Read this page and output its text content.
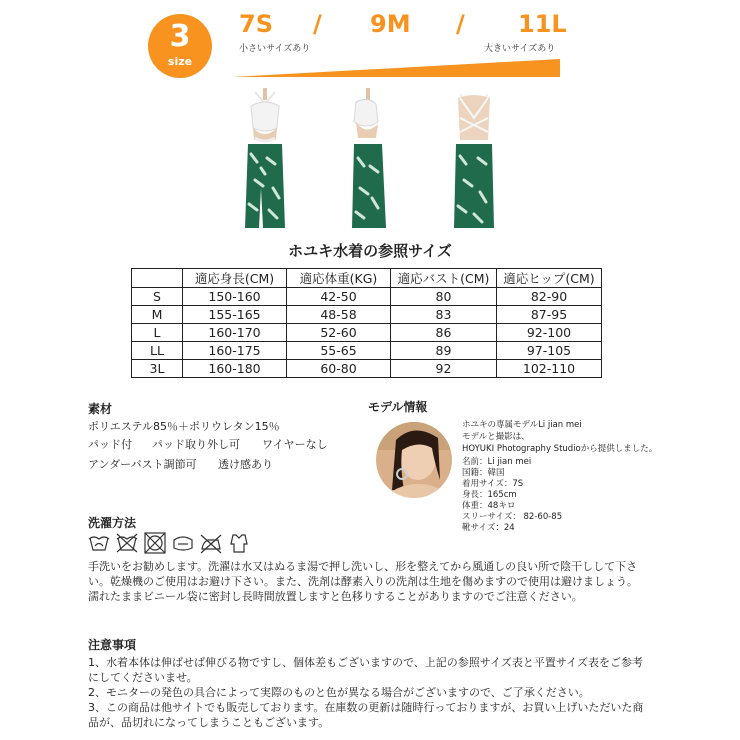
3
size
7S / 9M / 11L
小さいサイズあり	大きいサイズあり
ホユキ水着の参照サイズ
	適応身長(CM)	適応体重(KG)	適応バスト(CM)	適応ヒップ(CM)
S	150-160	42-50	80	82-90
M	155-165	48-58	83	87-95
L	160-170	52-60	86	92-100
LL	160-175	55-65	89	97-105
3L	160-180	60-80	92	102-110
素材
ポリエステル85％＋ポリウレタン15％
パッド付 パッド取り外し可 ワイヤーなし
アンダーバスト調節可 透け感あり
モデル情報
ホユキの専属モデルLi jian mei
モデルと撮影は、
HOYUKI Photography Studioから提供しました。
名前：Li jian mei
国籍：韓国
着用サイズ：7S
身長：165cm
体重：48キロ
スリーサイズ： 82-60-85
靴サイズ：24
洗濯方法
手洗いをお勧めします。洗濯は水又はぬるま湯で押し洗いし、形を整えてから風通しの良い所で陰干しして下さい。乾燥機のご使用はお避け下さい。また、洗剤は酵素入りの洗剤は生地を傷めますので使用は避けましょう。濡れたままビニール袋に密封し長時間放置しますと色移りすることがありますのでご注意ください。
注意事項
1、水着本体は伸ばせば伸びる物ですし、個体差もございますので、上記の参照サイズ表と平置サイズ表をご参考にしてくださいませ。
2、モニターの発色の具合によって実際のものと色が異なる場合がございますので、ご了承ください。
3、この商品は他サイトでも販売しております。在庫数の更新は随時行っておりますが、お買い上げいただいた商品が、品切れになってしまうこともございます。
